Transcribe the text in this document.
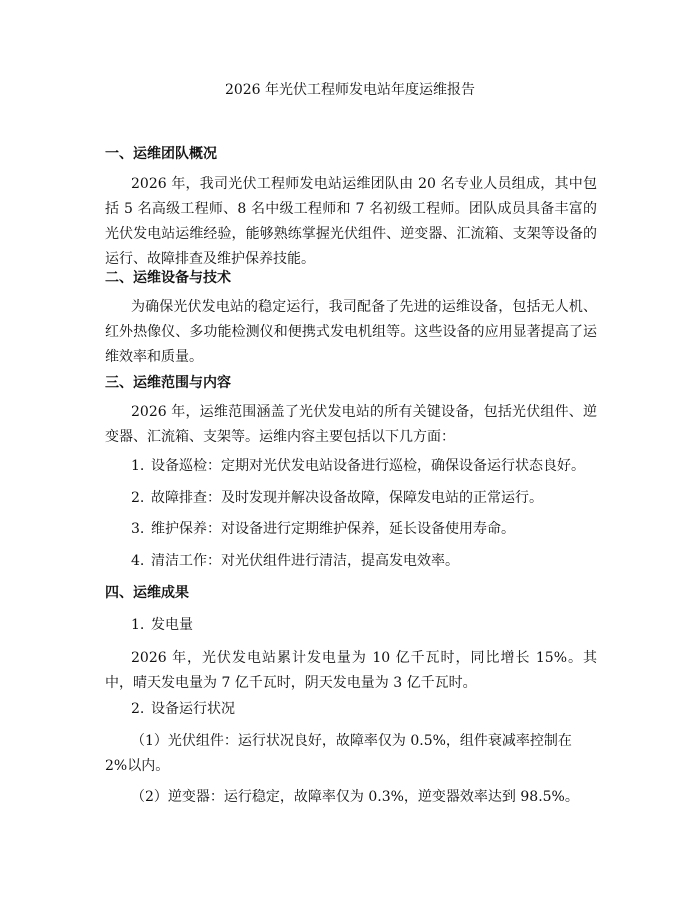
2026 年光伏工程师发电站年度运维报告
一、运维团队概况

2026 年，我司光伏工程师发电站运维团队由 20 名专业人员组成，其中包括 5 名高级工程师、8 名中级工程师和 7 名初级工程师。团队成员具备丰富的光伏发电站运维经验，能够熟练掌握光伏组件、逆变器、汇流箱、支架等设备的运行、故障排查及维护保养技能。

二、运维设备与技术

为确保光伏发电站的稳定运行，我司配备了先进的运维设备，包括无人机、红外热像仪、多功能检测仪和便携式发电机组等。这些设备的应用显著提高了运维效率和质量。

三、运维范围与内容

2026 年，运维范围涵盖了光伏发电站的所有关键设备，包括光伏组件、逆变器、汇流箱、支架等。运维内容主要包括以下几方面：

1. 设备巡检：定期对光伏发电站设备进行巡检，确保设备运行状态良好。
2. 故障排查：及时发现并解决设备故障，保障发电站的正常运行。
3. 维护保养：对设备进行定期维护保养，延长设备使用寿命。
4. 清洁工作：对光伏组件进行清洁，提高发电效率。
四、运维成果
1. 发电量

2026 年，光伏发电站累计发电量为 10 亿千瓦时，同比增长 15%。其中，晴天发电量为 7 亿千瓦时，阴天发电量为 3 亿千瓦时。

2. 设备运行状况

（1）光伏组件：运行状况良好，故障率仅为 0.5%，组件衰减率控制在 2%以内。

（2）逆变器：运行稳定，故障率仅为 0.3%，逆变器效率达到 98.5%。
